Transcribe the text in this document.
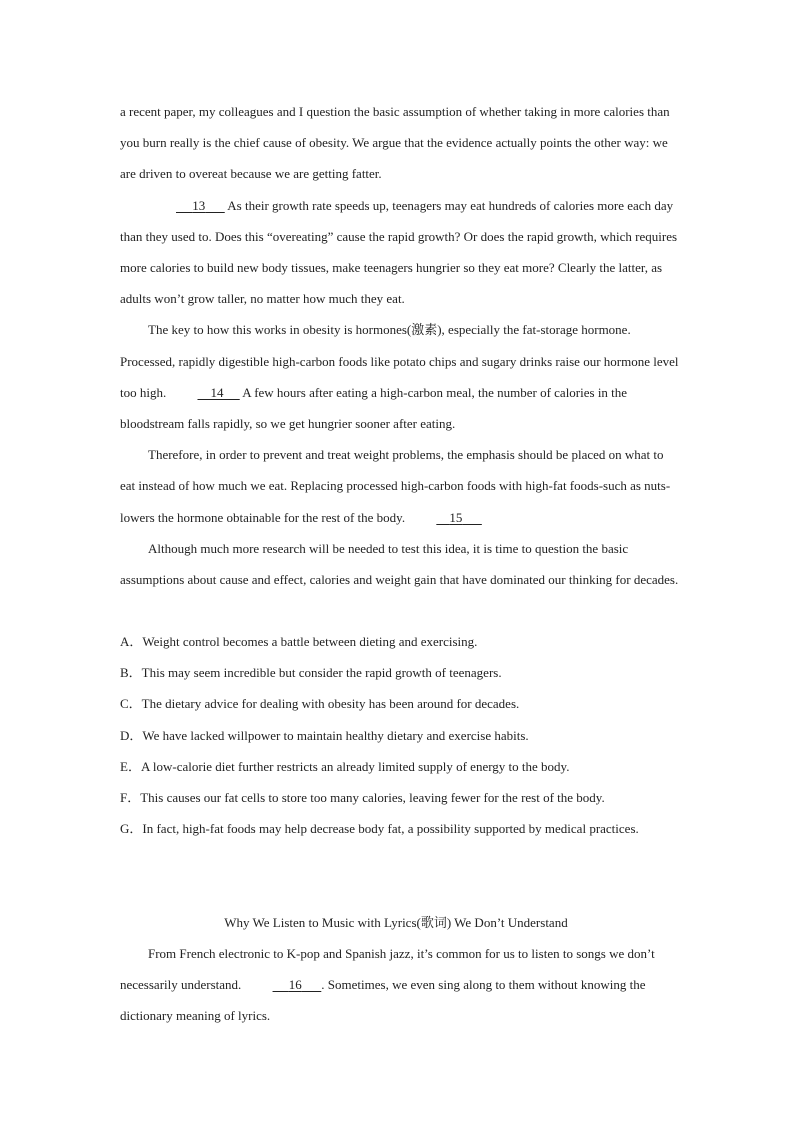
a recent paper, my colleagues and I question the basic assumption of whether taking in more calories than you burn really is the chief cause of obesity. We argue that the evidence actually points the other way: we are driven to overeat because we are getting fatter.

13       As their growth rate speeds up, teenagers may eat hundreds of calories more each day than they used to. Does this “overeating” cause the rapid growth? Or does the rapid growth, which requires more calories to build new body tissues, make teenagers hungrier so they eat more? Clearly the latter, as adults won’t grow taller, no matter how much they eat.

The key to how this works in obesity is hormones(激素), especially the fat-storage hormone. Processed, rapidly digestible high-carbon foods like potato chips and sugary drinks raise our hormone level too high.	14      A few hours after eating a high-carbon meal, the number of calories in the bloodstream falls rapidly, so we get hungrier sooner after eating.

Therefore, in order to prevent and treat weight problems, the emphasis should be placed on what to eat instead of how much we eat. Replacing processed high-carbon foods with high-fat foods-such as nuts-lowers the hormone obtainable for the rest of the body.	15

Although much more research will be needed to test this idea, it is time to question the basic assumptions about cause and effect, calories and weight gain that have dominated our thinking for decades.

A．Weight control becomes a battle between dieting and exercising.
B．This may seem incredible but consider the rapid growth of teenagers.
C．The dietary advice for dealing with obesity has been around for decades.
D．We have lacked willpower to maintain healthy dietary and exercise habits.
E．A low-calorie diet further restricts an already limited supply of energy to the body.
F．This causes our fat cells to store too many calories, leaving fewer for the rest of the body.
G．In fact, high-fat foods may help decrease body fat, a possibility supported by medical practices.
Why We Listen to Music with Lyrics(歌词) We Don’t Understand

From French electronic to K-pop and Spanish jazz, it’s common for us to listen to songs we don’t necessarily understand.	16 . Sometimes, we even sing along to them without knowing the dictionary meaning of lyrics.
